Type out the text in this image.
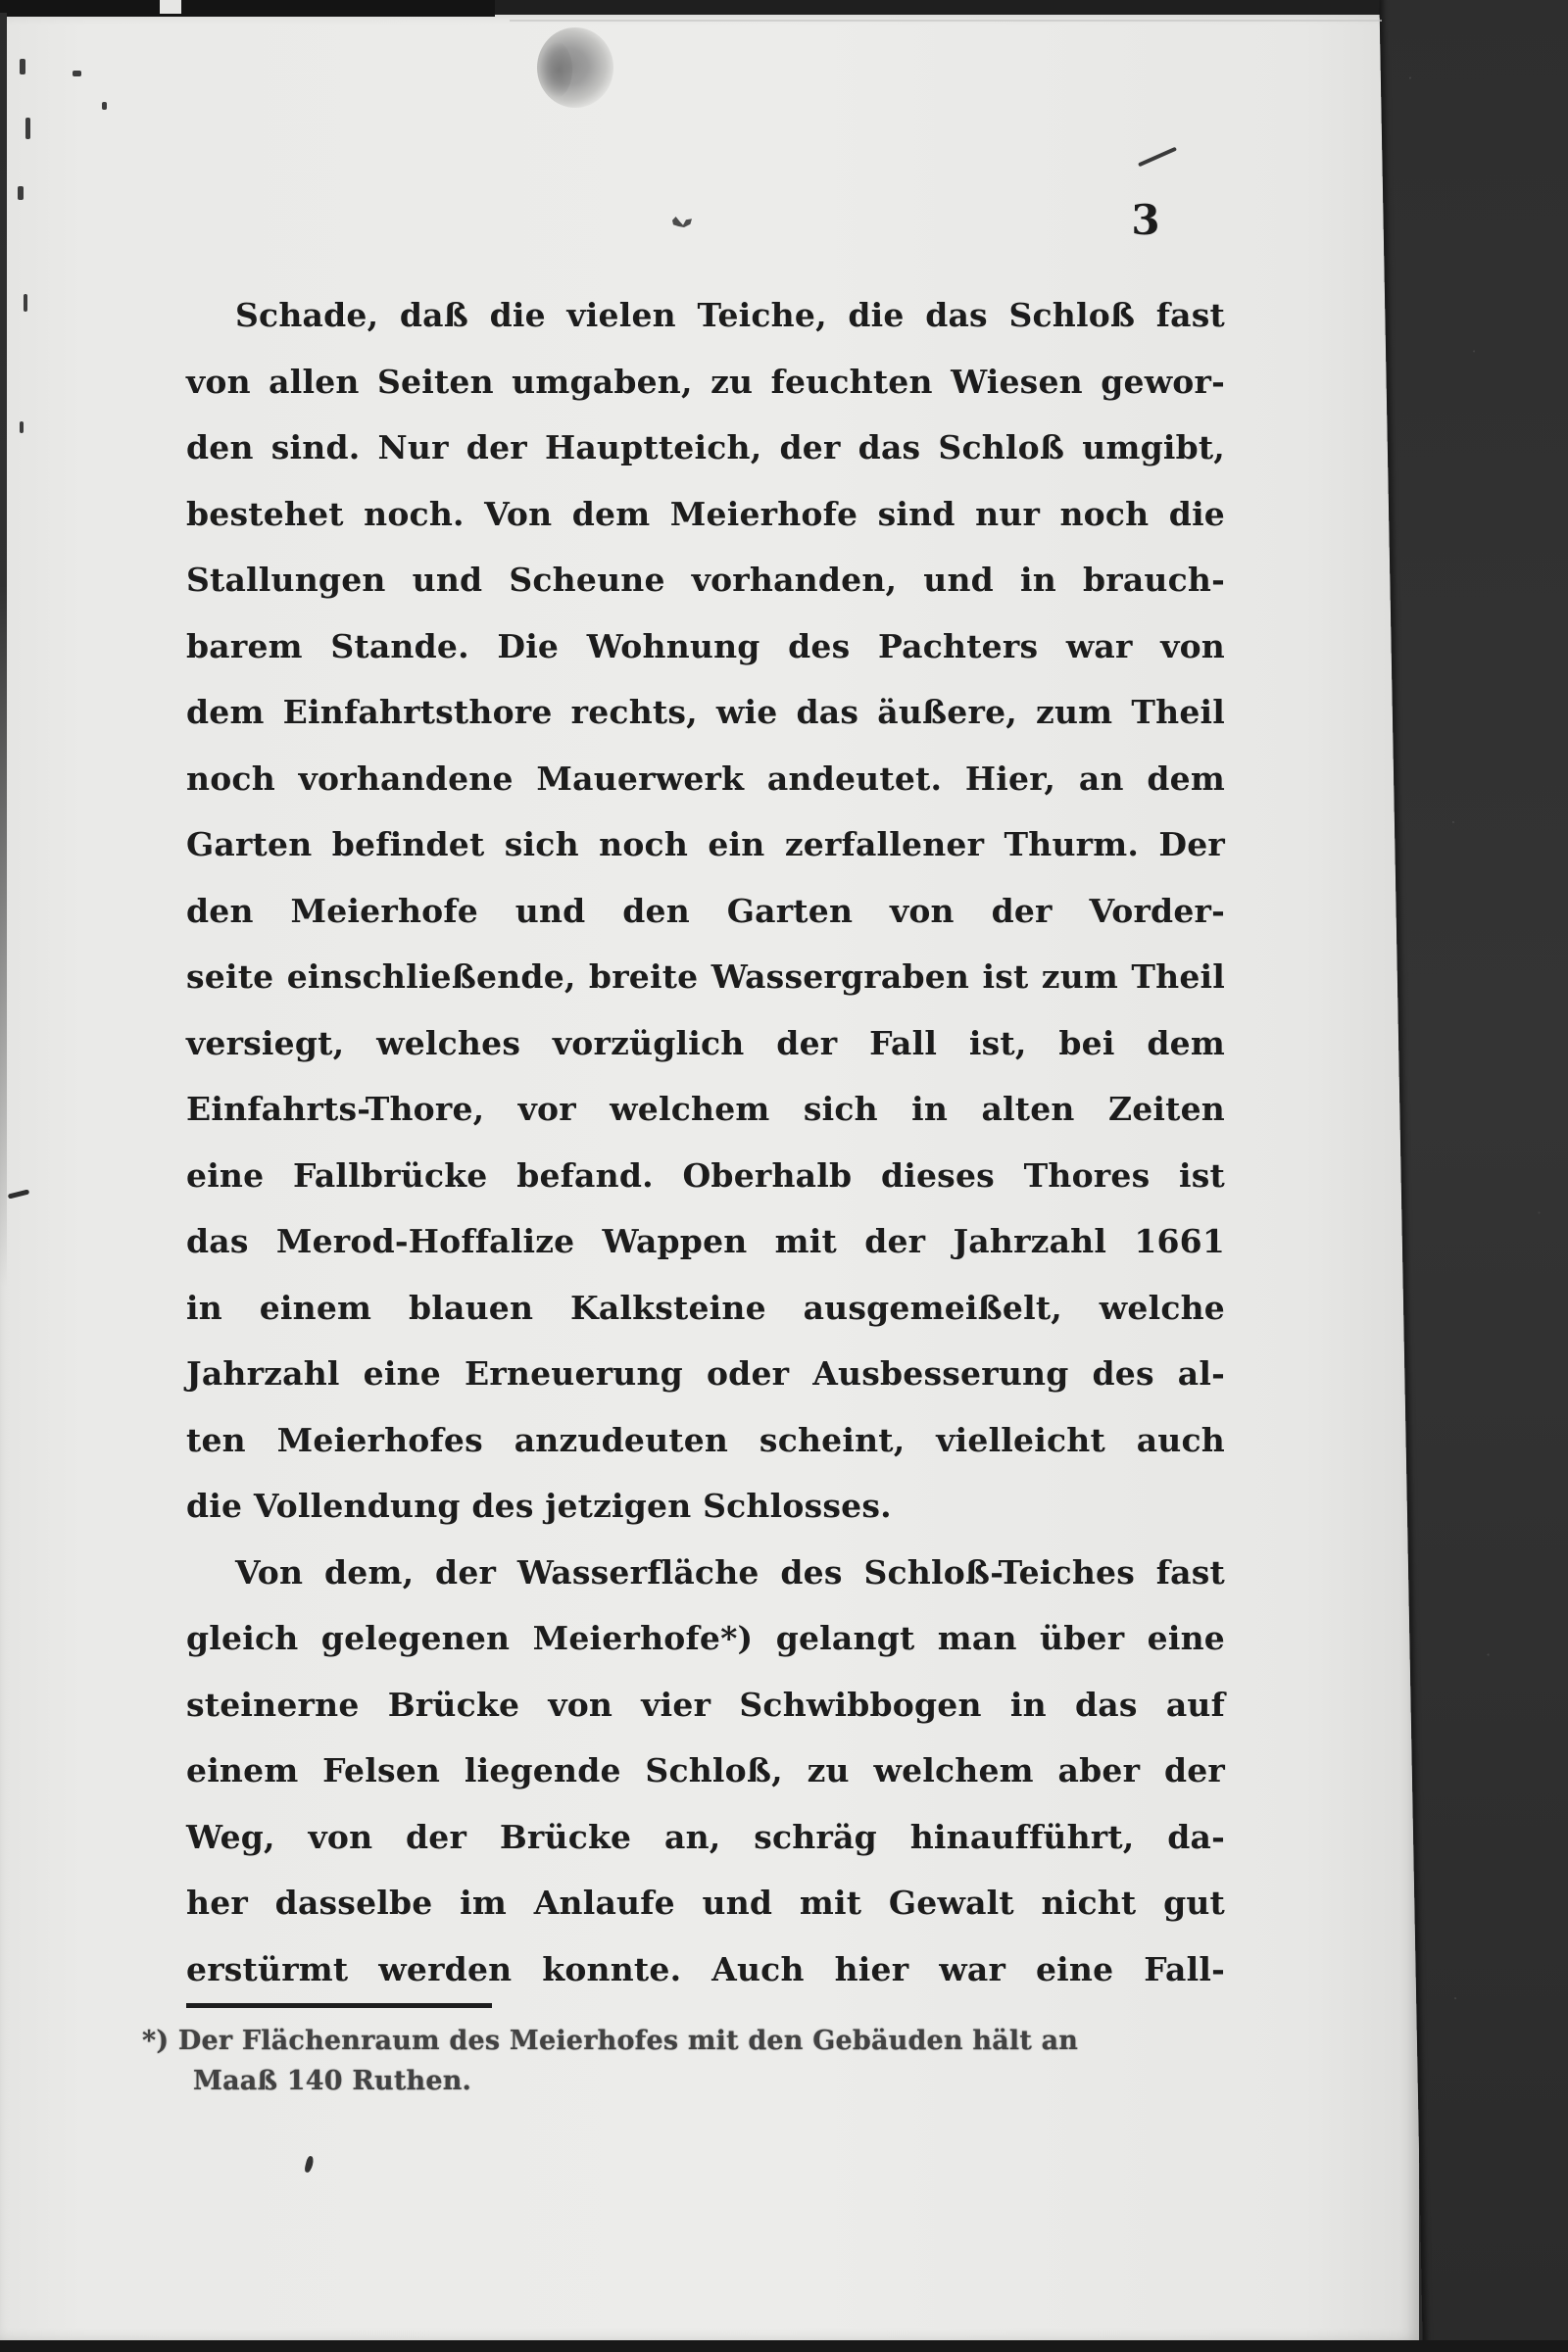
3
Schade, daß die vielen Teiche, die das Schloß fast
von allen Seiten umgaben, zu feuchten Wiesen gewor-
den sind. Nur der Hauptteich, der das Schloß umgibt,
bestehet noch. Von dem Meierhofe sind nur noch die
Stallungen und Scheune vorhanden, und in brauch-
barem Stande. Die Wohnung des Pachters war von
dem Einfahrtsthore rechts, wie das äußere, zum Theil
noch vorhandene Mauerwerk andeutet. Hier, an dem
Garten befindet sich noch ein zerfallener Thurm. Der
den Meierhofe und den Garten von der Vorder-
seite einschließende, breite Wassergraben ist zum Theil
versiegt, welches vorzüglich der Fall ist, bei dem
Einfahrts-Thore, vor welchem sich in alten Zeiten
eine Fallbrücke befand. Oberhalb dieses Thores ist
das Merod-Hoffalize Wappen mit der Jahrzahl 1661
in einem blauen Kalksteine ausgemeißelt, welche
Jahrzahl eine Erneuerung oder Ausbesserung des al-
ten Meierhofes anzudeuten scheint, vielleicht auch
die Vollendung des jetzigen Schlosses.
Von dem, der Wasserfläche des Schloß-Teiches fast
gleich gelegenen Meierhofe*) gelangt man über eine
steinerne Brücke von vier Schwibbogen in das auf
einem Felsen liegende Schloß, zu welchem aber der
Weg, von der Brücke an, schräg hinaufführt, da-
her dasselbe im Anlaufe und mit Gewalt nicht gut
erstürmt werden konnte. Auch hier war eine Fall-
*) Der Flächenraum des Meierhofes mit den Gebäuden hält an
Maaß 140 Ruthen.
